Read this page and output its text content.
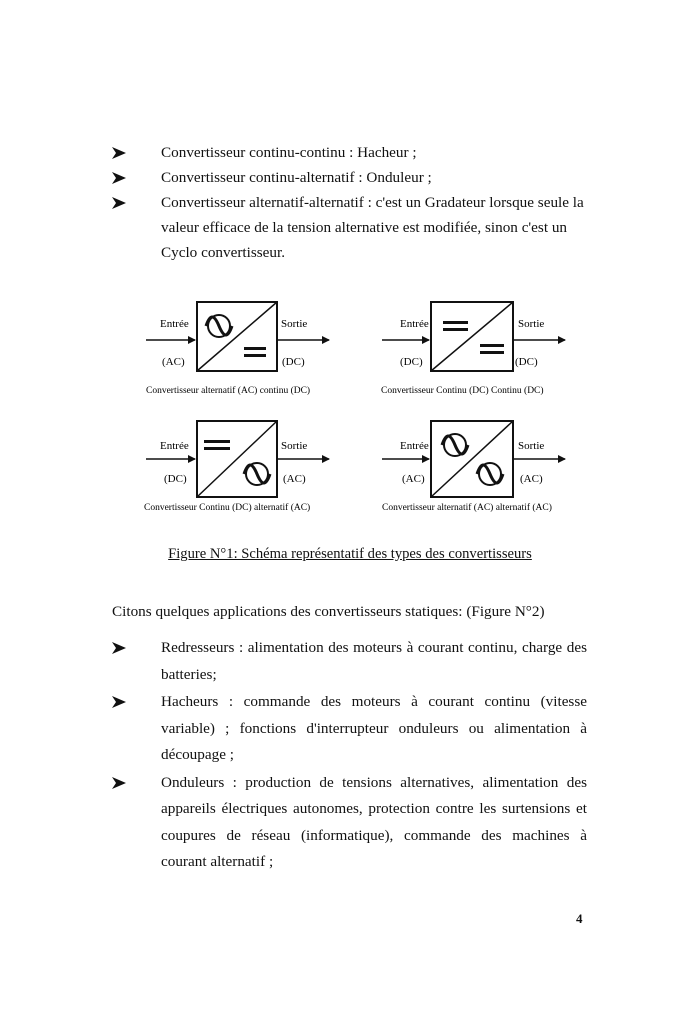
Convertisseur continu-continu : Hacheur ;
Convertisseur continu-alternatif : Onduleur ;
Convertisseur alternatif-alternatif : c'est un Gradateur lorsque seule la valeur efficace de la tension alternative est modifiée, sinon c'est un Cyclo convertisseur.
Entrée	Sortie
(AC)	(DC)
Convertisseur alternatif (AC) continu (DC)
Entrée	Sortie
(DC)	(DC)
Convertisseur Continu (DC) Continu (DC)
Entrée	Sortie
(DC)	(AC)
Convertisseur Continu (DC) alternatif (AC)
Entrée	Sortie
(AC)	(AC)
Convertisseur alternatif (AC) alternatif (AC)
Figure N°1: Schéma représentatif des types des convertisseurs
Citons quelques applications des convertisseurs statiques: (Figure N°2)
Redresseurs : alimentation des moteurs à courant continu, charge des batteries;
Hacheurs : commande des moteurs à courant continu (vitesse variable) ; fonctions d'interrupteur onduleurs ou alimentation à découpage ;
Onduleurs : production de tensions alternatives, alimentation des appareils électriques autonomes, protection contre les surtensions et coupures de réseau (informatique), commande des machines à courant alternatif ;
4
